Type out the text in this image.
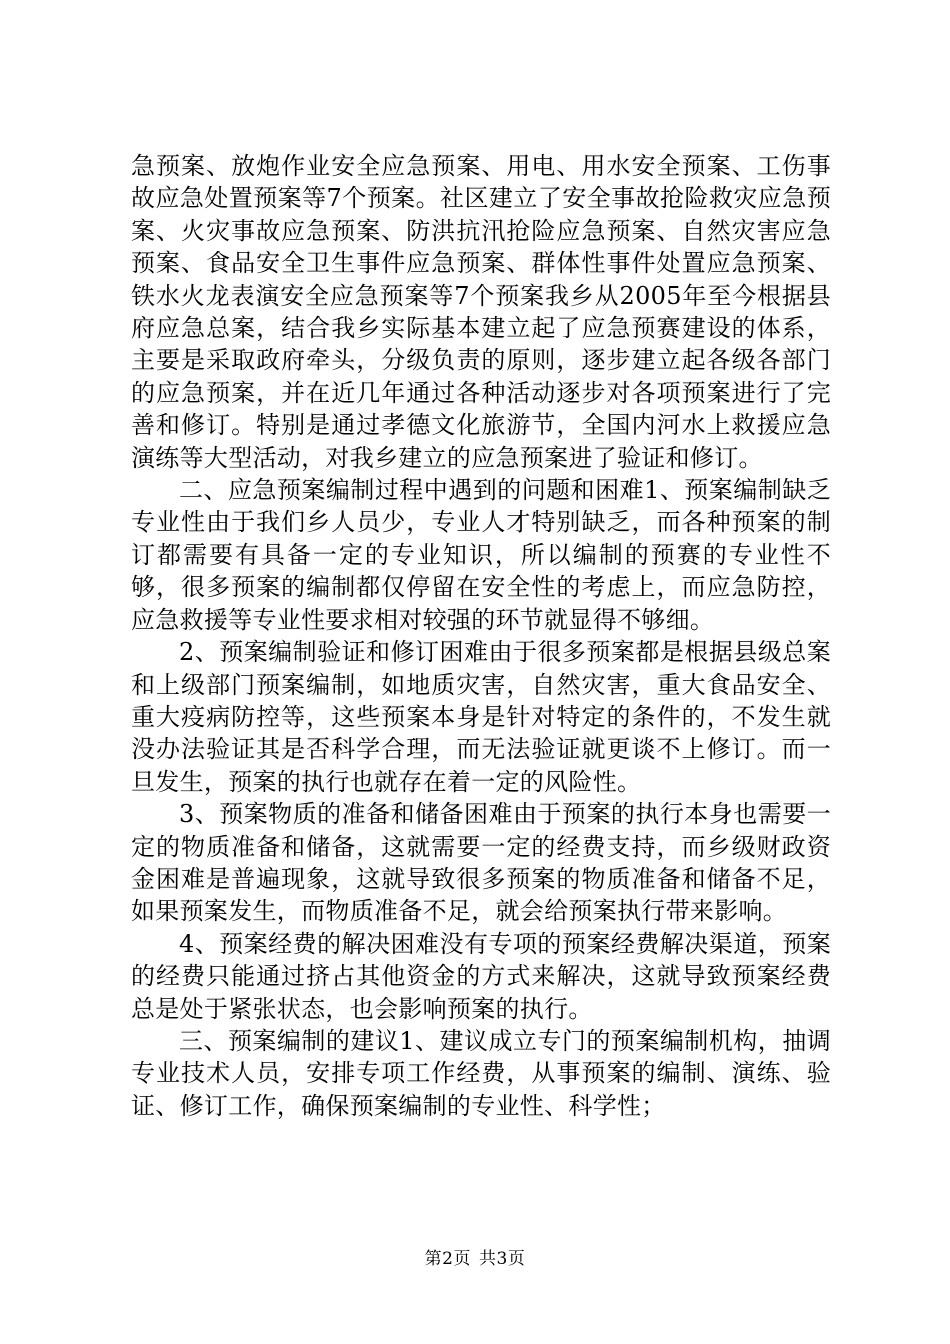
急预案、放炮作业安全应急预案、用电、用水安全预案、工伤事故应急处置预案等7个预案。社区建立了安全事故抢险救灾应急预案、火灾事故应急预案、防洪抗汛抢险应急预案、自然灾害应急预案、食品安全卫生事件应急预案、群体性事件处置应急预案、铁水火龙表演安全应急预案等7个预案我乡从2005年至今根据县府应急总案，结合我乡实际基本建立起了应急预赛建设的体系，主要是采取政府牵头，分级负责的原则，逐步建立起各级各部门的应急预案，并在近几年通过各种活动逐步对各项预案进行了完善和修订。特别是通过孝德文化旅游节，全国内河水上救援应急演练等大型活动，对我乡建立的应急预案进了验证和修订。

二、应急预案编制过程中遇到的问题和困难1、预案编制缺乏专业性由于我们乡人员少，专业人才特别缺乏，而各种预案的制订都需要有具备一定的专业知识，所以编制的预赛的专业性不够，很多预案的编制都仅停留在安全性的考虑上，而应急防控，应急救援等专业性要求相对较强的环节就显得不够细。

2、预案编制验证和修订困难由于很多预案都是根据县级总案和上级部门预案编制，如地质灾害，自然灾害，重大食品安全、重大疫病防控等，这些预案本身是针对特定的条件的，不发生就没办法验证其是否科学合理，而无法验证就更谈不上修订。而一旦发生，预案的执行也就存在着一定的风险性。

3、预案物质的准备和储备困难由于预案的执行本身也需要一定的物质准备和储备，这就需要一定的经费支持，而乡级财政资金困难是普遍现象，这就导致很多预案的物质准备和储备不足，如果预案发生，而物质准备不足，就会给预案执行带来影响。

4、预案经费的解决困难没有专项的预案经费解决渠道，预案的经费只能通过挤占其他资金的方式来解决，这就导致预案经费总是处于紧张状态，也会影响预案的执行。

三、预案编制的建议1、建议成立专门的预案编制机构，抽调专业技术人员，安排专项工作经费，从事预案的编制、演练、验证、修订工作，确保预案编制的专业性、科学性；

第2页 共3页
